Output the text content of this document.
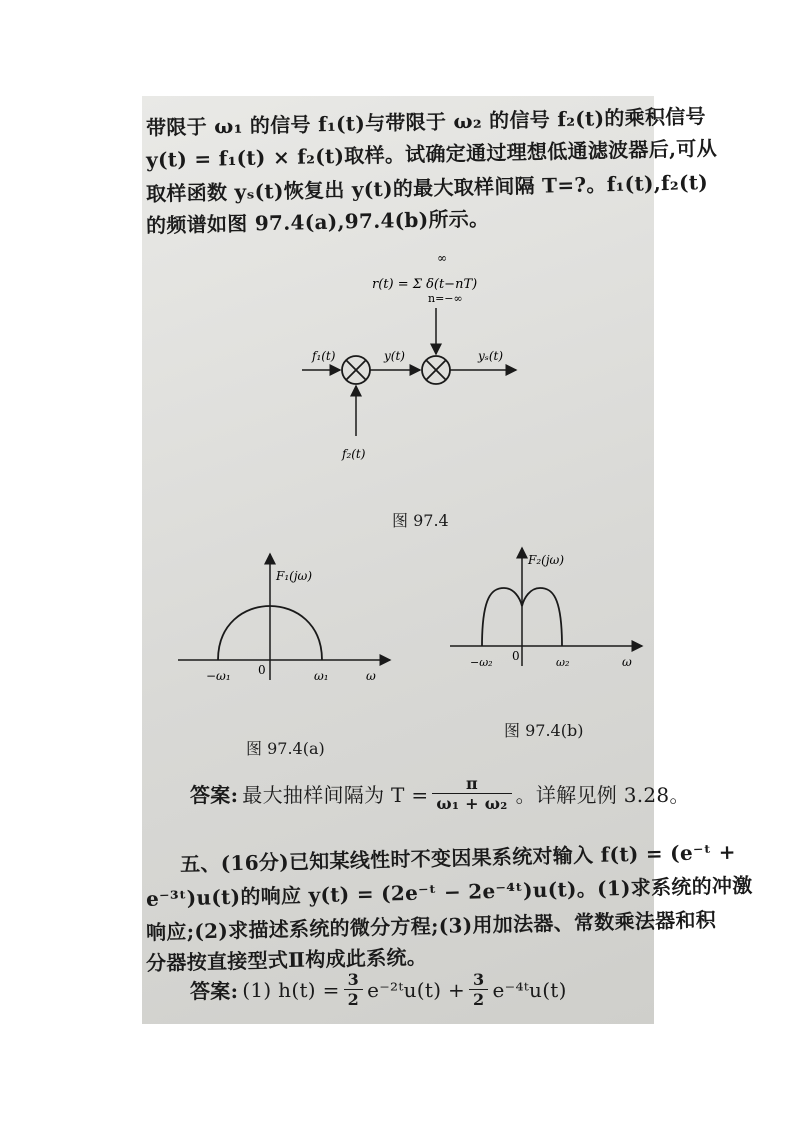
带限于 ω₁ 的信号 f₁(t)与带限于 ω₂ 的信号 f₂(t)的乘积信号
y(t) = f₁(t) × f₂(t)取样。试确定通过理想低通滤波器后,可从
取样函数 yₛ(t)恢复出 y(t)的最大取样间隔 T=?。f₁(t),f₂(t)
的频谱如图 97.4(a),97.4(b)所示。
r(t) = Σ δ(t−nT)
∞
n=−∞
f₁(t)	y(t)	yₛ(t)
f₂(t)
图 97.4
F₁(jω)
−ω₁ 0	ω₁	ω
图 97.4(a)
F₂(jω)
−ω₂ 0	ω₂	ω
图 97.4(b)
答案: 最大抽样间隔为 $T = \frac{\pi}{\text{ω₁ + ω₂}}$ 。详解见例 3.28。
五、(16分)已知某线性时不变因果系统对输入 f(t) = (e⁻ᵗ +
e⁻³ᵗ)u(t)的响应 y(t) = (2e⁻ᵗ − 2e⁻⁴ᵗ)u(t)。(1)求系统的冲激
响应;(2)求描述系统的微分方程;(3)用加法器、常数乘法器和积
分器按直接型式Ⅱ构成此系统。
答案: (1) $h(t) = \frac{3}{2}$ e⁻²ᵗu(t) + $\frac{3}{2}$ e⁻⁴ᵗu(t)
